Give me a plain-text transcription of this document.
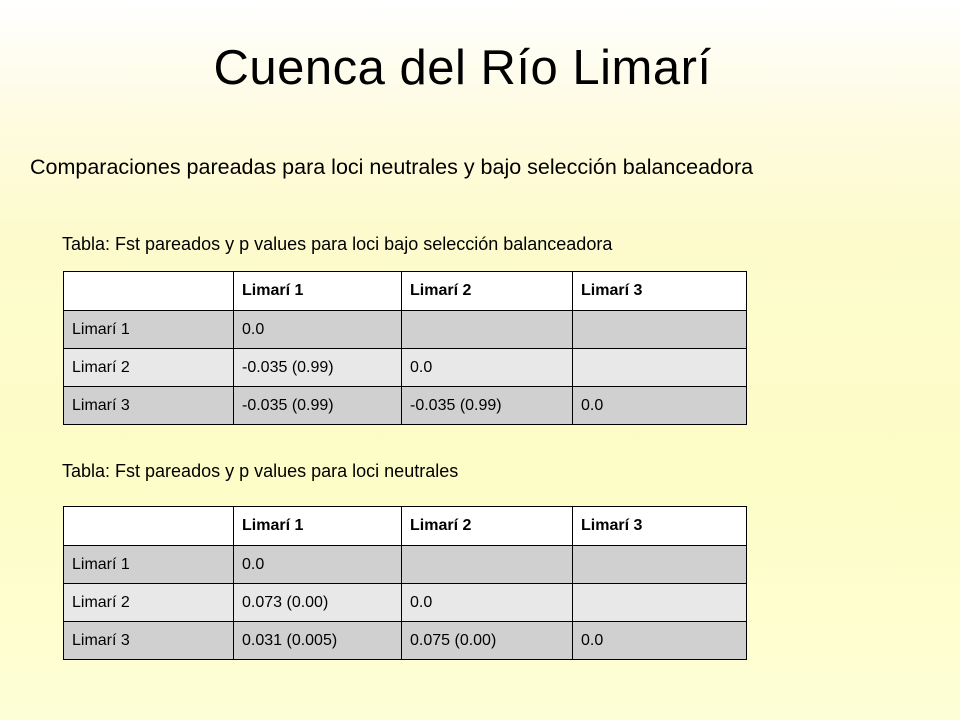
Cuenca del Río Limarí
Comparaciones pareadas para loci neutrales y bajo selección balanceadora
Tabla: Fst pareados y p values para loci bajo selección balanceadora
	Limarí 1	Limarí 2	Limarí 3
Limarí 1	0.0		
Limarí 2	-0.035 (0.99)	0.0	
Limarí 3	-0.035 (0.99)	-0.035 (0.99)	0.0
Tabla: Fst pareados y p values para loci neutrales
	Limarí 1	Limarí 2	Limarí 3
Limarí 1	0.0		
Limarí 2	0.073 (0.00)	0.0	
Limarí 3	0.031 (0.005)	0.075 (0.00)	0.0
